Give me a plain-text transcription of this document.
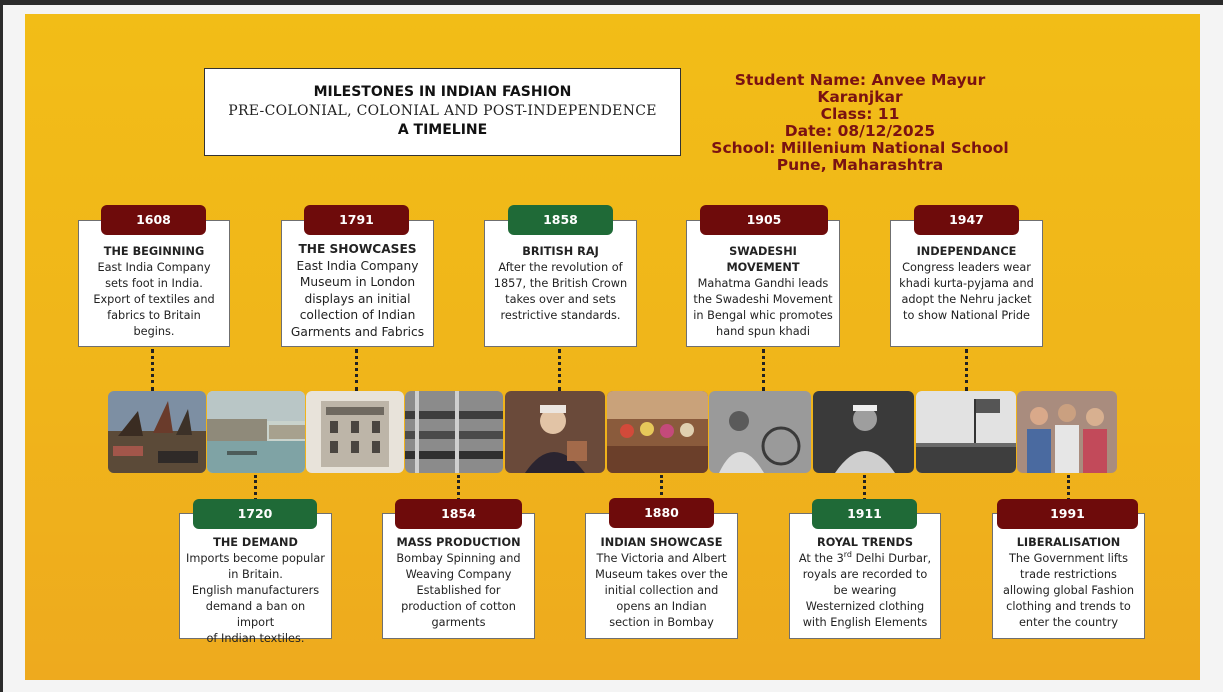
MILESTONES IN INDIAN FASHION
PRE-COLONIAL, COLONIAL AND POST-INDEPENDENCE
A TIMELINE
Student Name: Anvee Mayur Karanjkar
Class: 11
Date: 08/12/2025
School: Millenium National School
Pune, Maharashtra
THE BEGINNING
East India Company
sets foot in India.
Export of textiles and
fabrics to Britain
begins.
1608
THE SHOWCASES
East India Company
Museum in London
displays an initial
collection of Indian
Garments and Fabrics
1791
BRITISH RAJ
After the revolution of
1857, the British Crown
takes over and sets
restrictive standards.
1858
SWADESHI MOVEMENT
Mahatma Gandhi leads
the Swadeshi Movement
in Bengal whic promotes
hand spun khadi
1905
INDEPENDANCE
Congress leaders wear
khadi kurta-pyjama and
adopt the Nehru jacket
to show National Pride
1947
THE DEMAND
Imports become popular
in Britain.
English manufacturers
demand a ban on import
of Indian textiles.
1720
MASS PRODUCTION
Bombay Spinning and
Weaving Company
Established for
production of cotton
garments
1854
INDIAN SHOWCASE
The Victoria and Albert
Museum takes over the
initial collection and
opens an Indian
section in Bombay
1880
ROYAL TRENDS
At the 3rd Delhi Durbar,
royals are recorded to
be wearing
Westernized clothing
with English Elements
1911
LIBERALISATION
The Government lifts
trade restrictions
allowing global Fashion
clothing and trends to
enter the country
1991
